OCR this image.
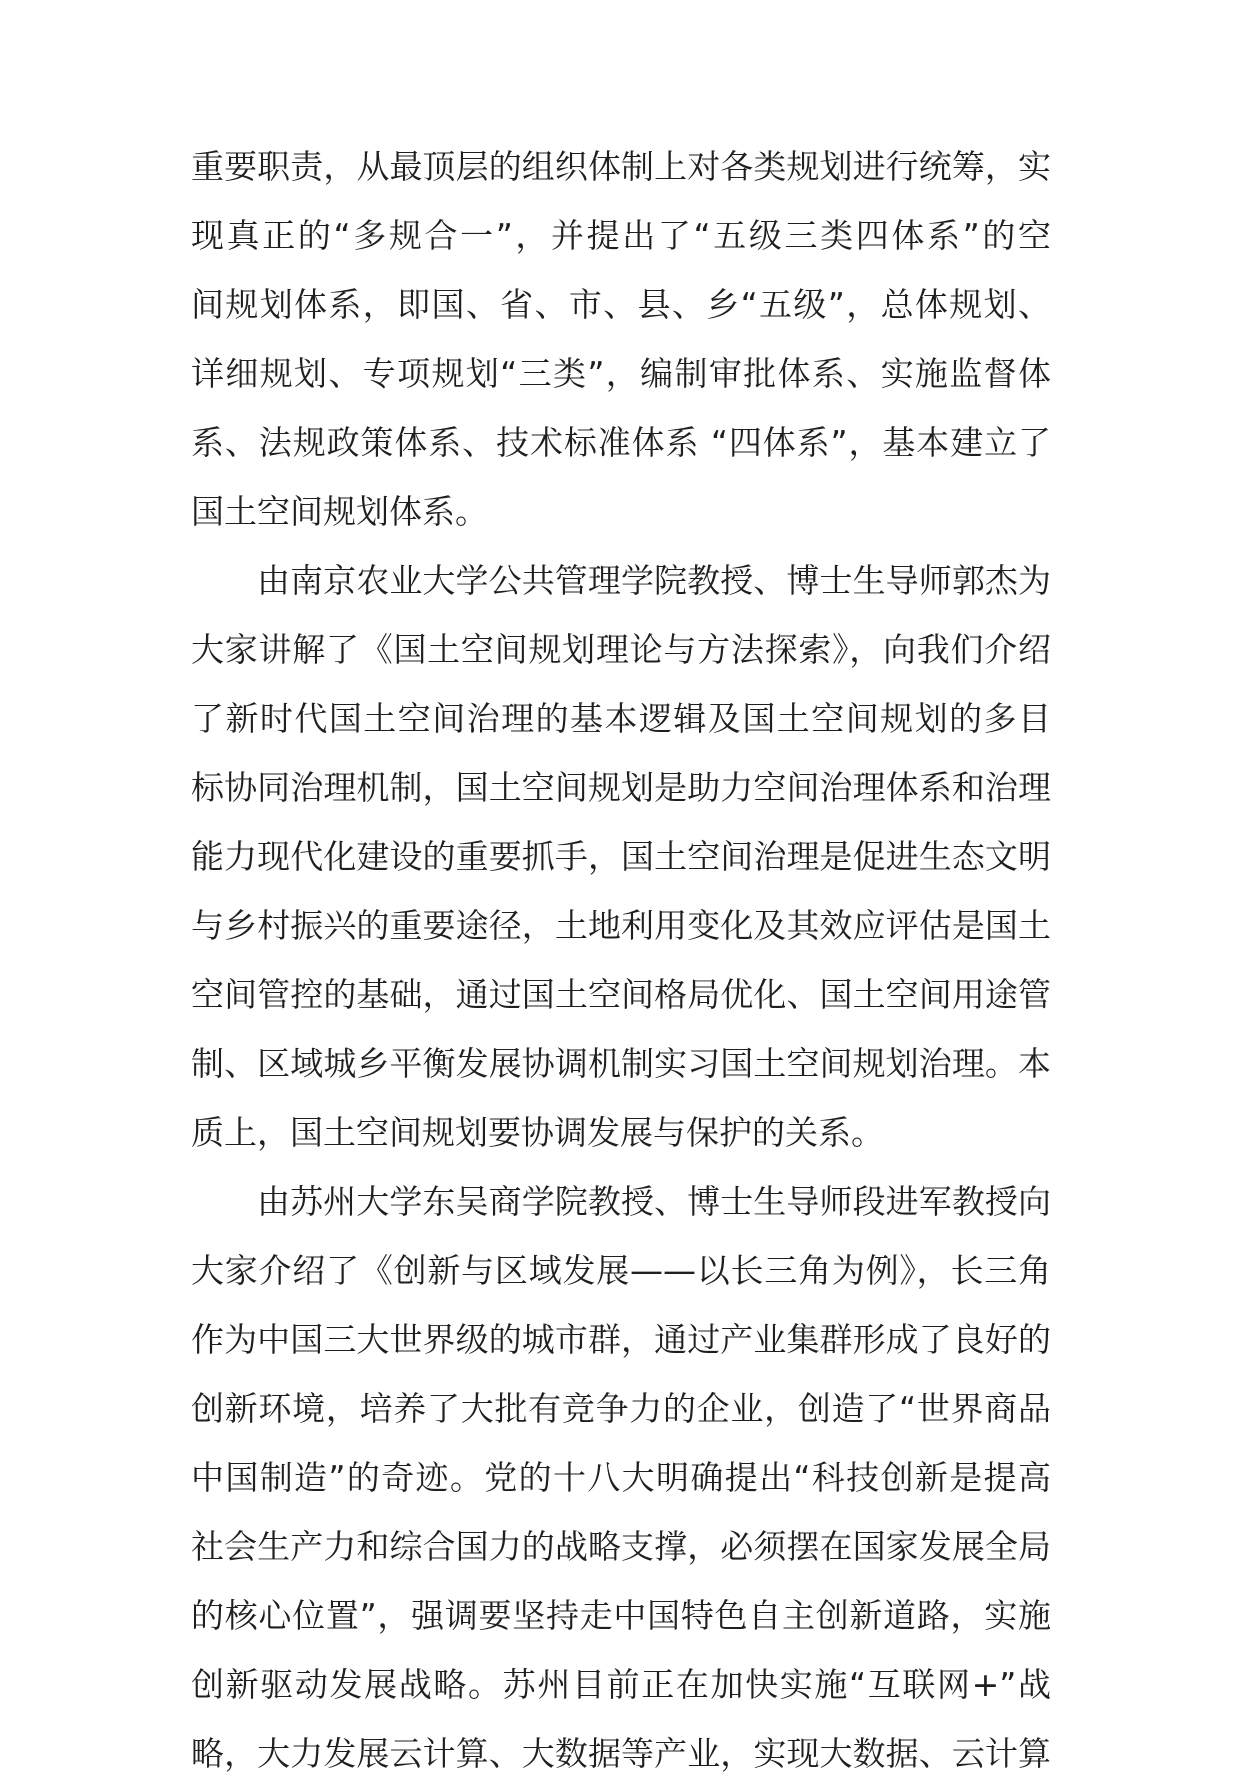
重要职责，从最顶层的组织体制上对各类规划进行统筹，实
现真正的“多规合一”，并提出了“五级三类四体系”的空
间规划体系，即国、省、市、县、乡“五级”，总体规划、
详细规划、专项规划“三类”，编制审批体系、实施监督体
系、法规政策体系、技术标准体系 “四体系”，基本建立了
国土空间规划体系。
由南京农业大学公共管理学院教授、博士生导师郭杰为
大家讲解了《国土空间规划理论与方法探索》，向我们介绍
了新时代国土空间治理的基本逻辑及国土空间规划的多目
标协同治理机制，国土空间规划是助力空间治理体系和治理
能力现代化建设的重要抓手，国土空间治理是促进生态文明
与乡村振兴的重要途径，土地利用变化及其效应评估是国土
空间管控的基础，通过国土空间格局优化、国土空间用途管
制、区域城乡平衡发展协调机制实习国土空间规划治理。本
质上，国土空间规划要协调发展与保护的关系。
由苏州大学东吴商学院教授、博士生导师段进军教授向
大家介绍了《创新与区域发展——以长三角为例》，长三角
作为中国三大世界级的城市群，通过产业集群形成了良好的
创新环境，培养了大批有竞争力的企业，创造了“世界商品
中国制造”的奇迹。党的十八大明确提出“科技创新是提高
社会生产力和综合国力的战略支撑，必须摆在国家发展全局
的核心位置”，强调要坚持走中国特色自主创新道路，实施
创新驱动发展战略。苏州目前正在加快实施“互联网+”战
略，大力发展云计算、大数据等产业，实现大数据、云计算
